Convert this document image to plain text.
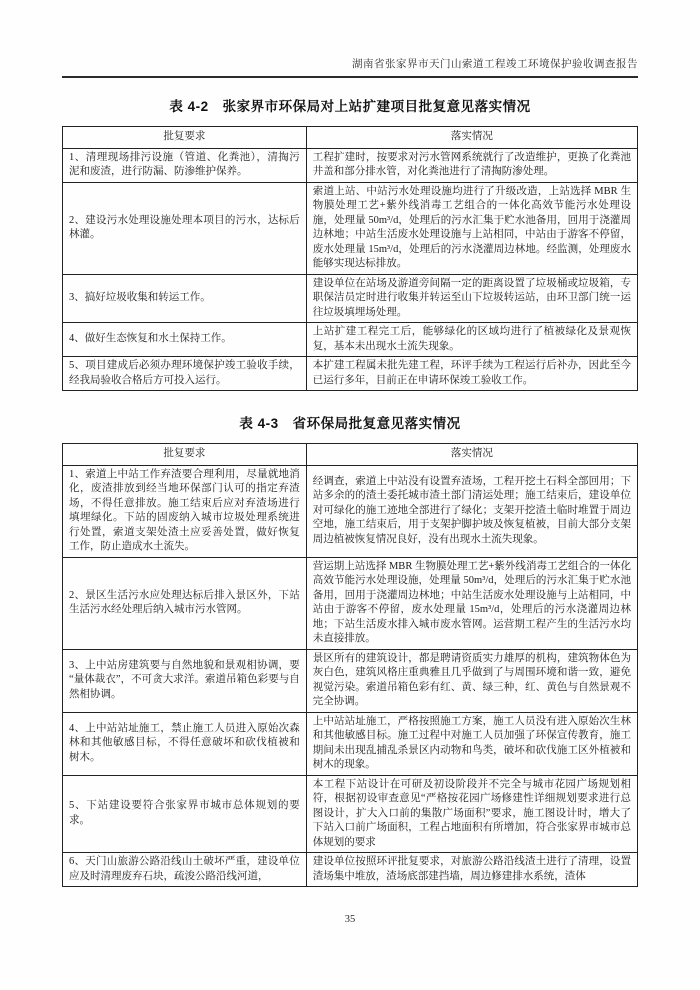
湖南省张家界市天门山索道工程竣工环境保护验收调查报告
表 4-2 张家界市环保局对上站扩建项目批复意见落实情况
批复要求	落实情况
1、清理现场排污设施（管道、化粪池），清掏污泥和废渣，进行防漏、防渗维护保养。	工程扩建时，按要求对污水管网系统就行了改造维护，更换了化粪池井盖和部分排水管，对化粪池进行了清掏防渗处理。
2、建设污水处理设施处理本项目的污水，达标后林灌。	索道上站、中站污水处理设施均进行了升级改造，上站选择 MBR 生物膜处理工艺+紫外线消毒工艺组合的一体化高效节能污水处理设施，处理量 50m³/d，处理后的污水汇集于贮水池备用，回用于浇灌周边林地；中站生活废水处理设施与上站相同，中站由于游客不停留，废水处理量 15m³/d，处理后的污水浇灌周边林地。经监测，处理废水能够实现达标排放。
3、搞好垃圾收集和转运工作。	建设单位在站场及游道旁间隔一定的距离设置了垃圾桶或垃圾箱，专职保洁员定时进行收集并转运至山下垃圾转运站，由环卫部门统一运往垃圾填埋场处理。
4、做好生态恢复和水土保持工作。	上站扩建工程完工后，能够绿化的区域均进行了植被绿化及景观恢复，基本未出现水土流失现象。
5、项目建成后必须办理环境保护竣工验收手续，经我局验收合格后方可投入运行。	本扩建工程属未批先建工程，环评手续为工程运行后补办，因此至今已运行多年，目前正在申请环保竣工验收工作。
表 4-3 省环保局批复意见落实情况
批复要求	落实情况
1、索道上中站工作弃渣要合理利用，尽量就地消化，废渣排放到经当地环保部门认可的指定弃渣场，不得任意排放。施工结束后应对弃渣场进行填埋绿化。下站的固废纳入城市垃圾处理系统进行处置，索道支架处渣土应妥善处置，做好恢复工作，防止造成水土流失。	经调查，索道上中站没有设置弃渣场，工程开挖土石料全部回用；下站多余的的渣土委托城市渣土部门清运处理；施工结束后，建设单位对可绿化的施工迹地全部进行了绿化；支架开挖渣土临时堆置于周边空地，施工结束后，用于支架护脚护坡及恢复植被，目前大部分支架周边植被恢复情况良好，没有出现水土流失现象。
2、景区生活污水应处理达标后排入景区外，下站生活污水经处理后纳入城市污水管网。	营运期上站选择 MBR 生物膜处理工艺+紫外线消毒工艺组合的一体化高效节能污水处理设施，处理量 50m³/d，处理后的污水汇集于贮水池备用，回用于浇灌周边林地；中站生活废水处理设施与上站相同，中站由于游客不停留，废水处理量 15m³/d，处理后的污水浇灌周边林地；下站生活废水排入城市废水管网。运营期工程产生的生活污水均未直接排放。
3、上中站房建筑要与自然地貌和景观相协调，要“量体裁衣”，不可贪大求洋。索道吊箱色彩要与自然相协调。	景区所有的建筑设计，都是聘请资质实力雄厚的机构，建筑物体色为灰白色，建筑风格庄重典雅且几乎做到了与周围环境和谐一致，避免视觉污染。索道吊箱色彩有红、黄、绿三种，红、黄色与自然景观不完全协调。
4、上中站站址施工，禁止施工人员进入原始次森林和其他敏感目标，不得任意破坏和砍伐植被和树木。	上中站站址施工，严格按照施工方案，施工人员没有进入原始次生林和其他敏感目标。施工过程中对施工人员加强了环保宣传教育，施工期间未出现乱捕乱杀景区内动物和鸟类，破坏和砍伐施工区外植被和树木的现象。
5、下站建设要符合张家界市城市总体规划的要求。	本工程下站设计在可研及初设阶段并不完全与城市花园广场规划相符，根据初设审查意见“严格按花园广场修建性详细规划要求进行总图设计，扩大入口前的集散广场面积”要求，施工图设计时，增大了下站入口前广场面积，工程占地面积有所增加，符合张家界市城市总体规划的要求
6、天门山旅游公路沿线山土破坏严重，建设单位应及时清理废弃石块，疏浚公路沿线河道，	建设单位按照环评批复要求，对旅游公路沿线渣土进行了清理，设置渣场集中堆放，渣场底部建挡墙，周边修建排水系统，渣体
35
